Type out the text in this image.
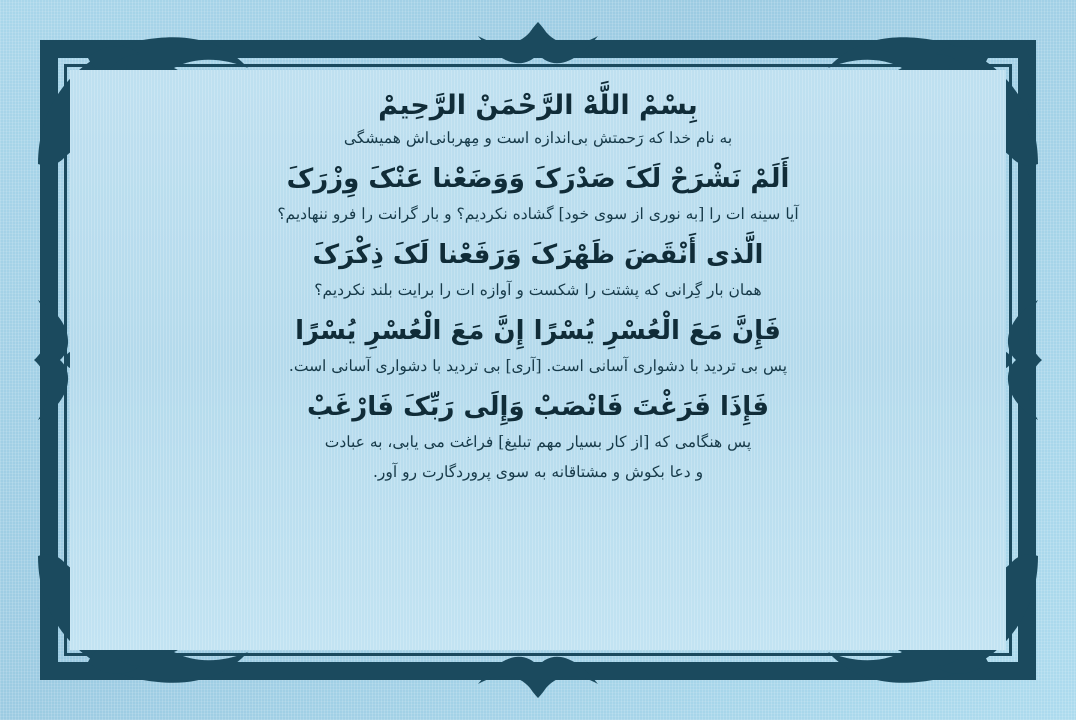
بِسْمْ اللَّهْ الرَّحْمَنْ الرَّحِيمْ
به نام خدا که رَحمتش بی‌اندازه است و مِهربانی‌اش همیشگی
أَلَمْ نَشْرَحْ لَکَ صَدْرَکَ وَوَضَعْنا عَنْکَ وِزْرَکَ
آیا سینه ات را [به نوری از سوی خود] گشاده نکردیم؟ و بار گرانت را فرو ننهادیم؟
الَّذی أَنْقَضَ ظَهْرَکَ وَرَفَعْنا لَکَ ذِکْرَکَ
همان بار گِرانی که پشتت را شکست و آوازه ات را برایت بلند نکردیم؟
فَإِنَّ مَعَ الْعُسْرِ يُسْرًا إِنَّ مَعَ الْعُسْرِ يُسْرًا
پس بی تردید با دشواری آسانی است. [آری] بی تردید با دشواری آسانی است.
فَإِذَا فَرَغْتَ فَانْصَبْ وَإِلَى رَبِّکَ فَارْغَبْ
پس هنگامی که [از کار بسیار مهم تبلیغ] فراغت می یابی، به عبادت
و دعا بکوش و مشتاقانه به سوی پروردگارت رو آور.
